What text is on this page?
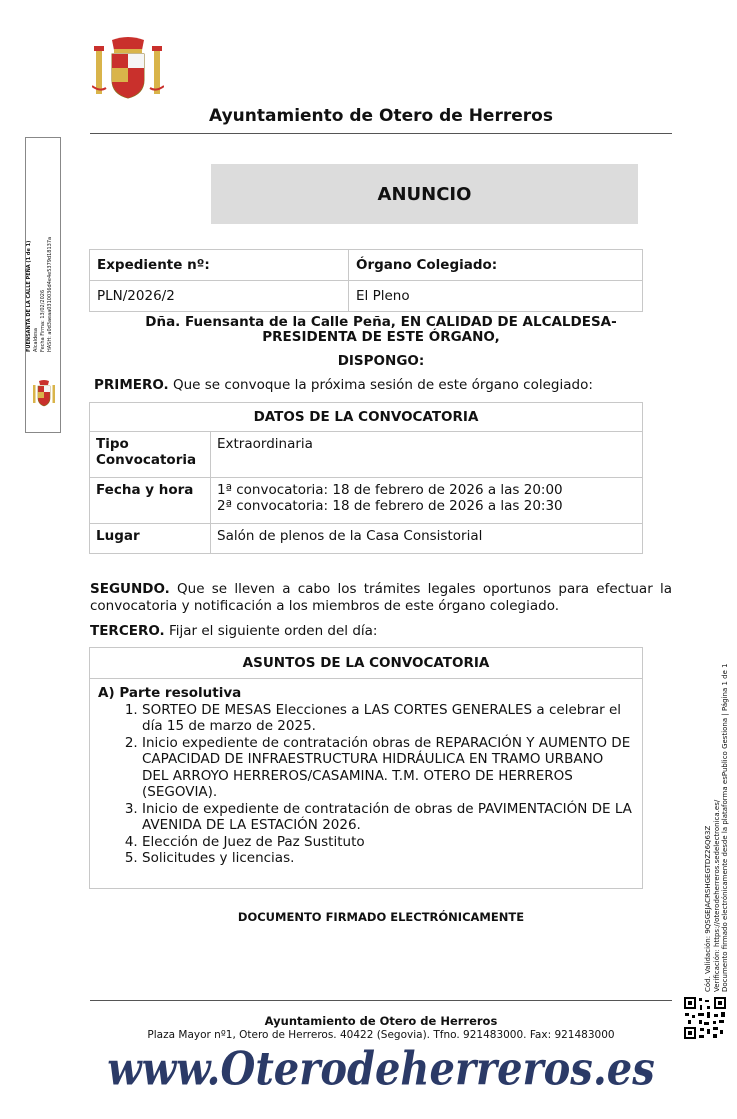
Ayuntamiento de Otero de Herreros
ANUNCIO
Expediente nº:	Órgano Colegiado:
PLN/2026/2	El Pleno
Dña. Fuensanta de la Calle Peña, EN CALIDAD DE ALCALDESA-
PRESIDENTA DE ESTE ÓRGANO,
DISPONGO:
PRIMERO. Que se convoque la próxima sesión de este órgano colegiado:
DATOS DE LA CONVOCATORIA	
Tipo Convocatoria	Extraordinaria
Fecha y hora	1ª convocatoria: 18 de febrero de 2026 a las 20:00
2ª convocatoria: 18 de febrero de 2026 a las 20:30

Lugar	Salón de plenos de la Casa Consistorial
SEGUNDO. Que se lleven a cabo los trámites legales oportunos para efectuar la convocatoria y notificación a los miembros de este órgano colegiado.
TERCERO. Fijar el siguiente orden del día:
ASUNTOS DE LA CONVOCATORIA
A) Parte resolutiva
1. SORTEO DE MESAS Elecciones a LAS CORTES GENERALES a celebrar el día 15 de marzo de 2025.
2. Inicio expediente de contratación obras de REPARACIÓN Y AUMENTO DE CAPACIDAD DE INFRAESTRUCTURA HIDRÁULICA EN TRAMO URBANO DEL ARROYO HERREROS/CASAMINA. T.M. OTERO DE HERREROS (SEGOVIA).
3. Inicio de expediente de contratación de obras de PAVIMENTACIÓN DE LA AVENIDA DE LA ESTACIÓN 2026.
4. Elección de Juez de Paz Sustituto
5. Solicitudes y licencias.
DOCUMENTO FIRMADO ELECTRÓNICAMENTE
Ayuntamiento de Otero de Herreros
Plaza Mayor nº1, Otero de Herreros. 40422 (Segovia). Tfno. 921483000. Fax: 921483000
www.Oterodeherreros.es
FUENSANTA DE LA CALLE PEÑA (1 de 1) Alcaldesa Fecha Firma: 13/02/2026 HASH: a0d3aeaa0310036d4e4e5379d18137a
Cód. Validación: 9QSGEJACRSHGEGTDZ26Q63Z Verificación: https://oterodeherreros.sedelectronica.es/ Documento firmado electrónicamente desde la plataforma esPublico Gestiona | Página 1 de 1
